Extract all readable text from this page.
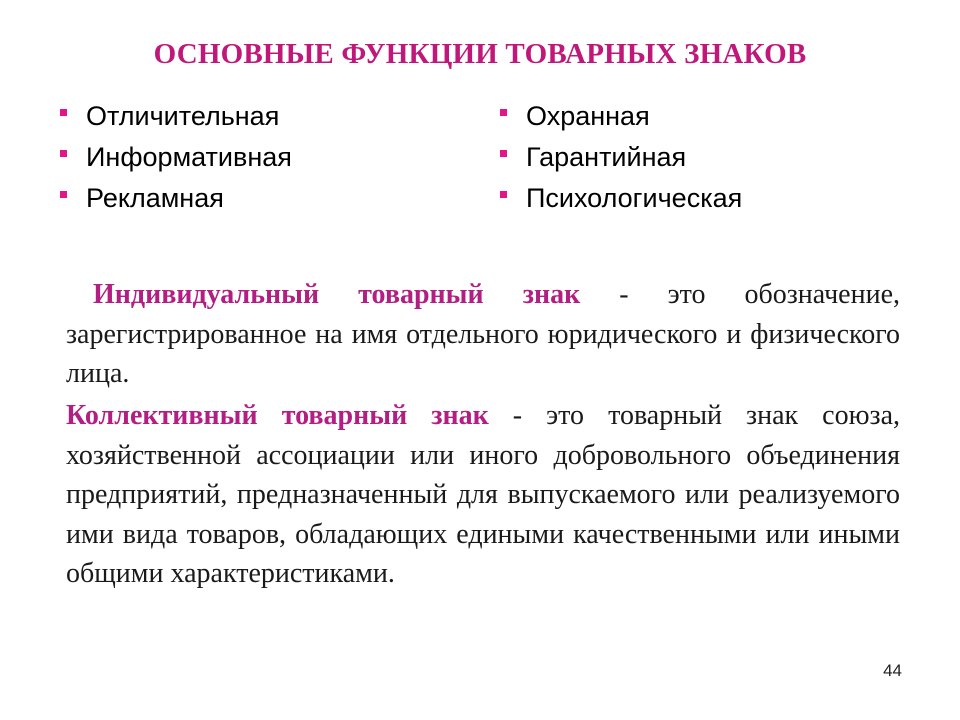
ОСНОВНЫЕ ФУНКЦИИ ТОВАРНЫХ ЗНАКОВ
Отличительная
Информативная
Рекламная
Охранная
Гарантийная
Психологическая

Индивидуальный товарный знак - это обозначение, зарегистрированное на имя отдельного юридического и физического лица.

Коллективный товарный знак - это товарный знак союза, хозяйственной ассоциации или иного добровольного объединения предприятий, предназначенный для выпускаемого или реализуемого ими вида товаров, обладающих едиными качественными или иными общими характеристиками.

44
